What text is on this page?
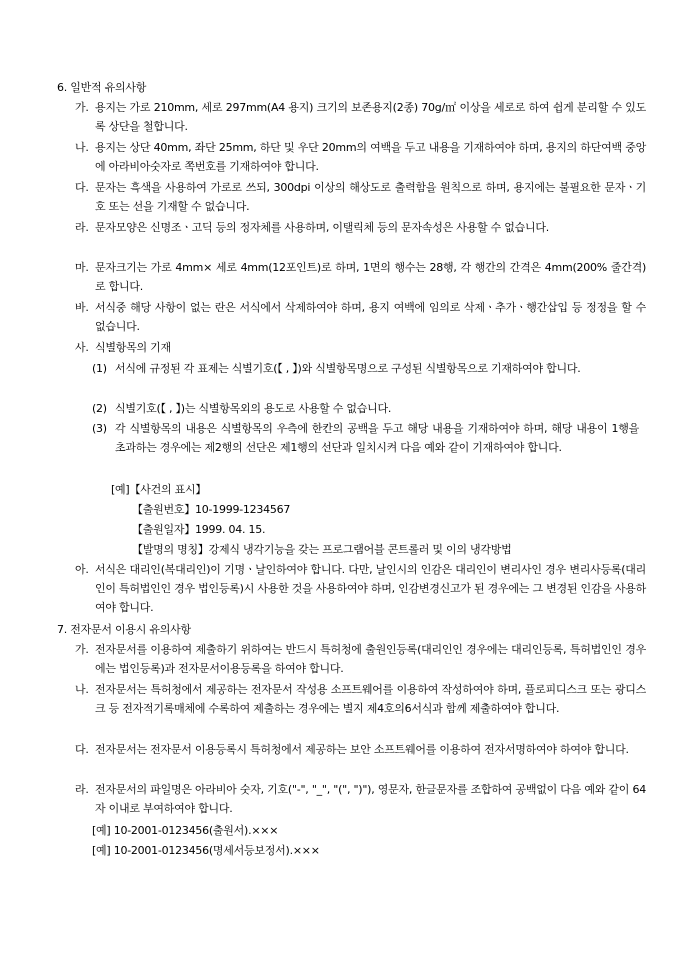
6. 일반적 유의사항

가. 용지는 가로 210mm, 세로 297mm(A4 용지) 크기의 보존용지(2종) 70g/㎡ 이상을 세로로 하여 쉽게 분리할 수 있도록 상단을 철합니다.
나. 용지는 상단 40mm, 좌단 25mm, 하단 및 우단 20mm의 여백을 두고 내용을 기재하여야 하며, 용지의 하단여백 중앙에 아라비아숫자로 쪽번호를 기재하여야 합니다.
다. 문자는 흑색을 사용하여 가로로 쓰되, 300dpi 이상의 해상도로 출력함을 원칙으로 하며, 용지에는 불필요한 문자ㆍ기호 또는 선을 기재할 수 없습니다.
라. 문자모양은 신명조ㆍ고딕 등의 정자체를 사용하며, 이탤릭체 등의 문자속성은 사용할 수 없습니다.
마. 문자크기는 가로 4mm× 세로 4mm(12포인트)로 하며, 1면의 행수는 28행, 각 행간의 간격은 4mm(200% 줄간격)로 합니다.
바. 서식중 해당 사항이 없는 란은 서식에서 삭제하여야 하며, 용지 여백에 임의로 삭제ㆍ추가ㆍ행간삽입 등 정정을 할 수 없습니다.
사. 식별항목의 기재
(1) 서식에 규정된 각 표제는 식별기호(【 , 】)와 식별항목명으로 구성된 식별항목으로 기재하여야 합니다.
(2) 식별기호(【 , 】)는 식별항목외의 용도로 사용할 수 없습니다.
(3) 각 식별항목의 내용은 식별항목의 우측에 한칸의 공백을 두고 해당 내용을 기재하여야 하며, 해당 내용이 1행을 초과하는 경우에는 제2행의 선단은 제1행의 선단과 일치시켜 다음 예와 같이 기재하여야 합니다.

[예]【사건의 표시】

【출원번호】10-1999-1234567

【출원일자】1999. 04. 15.

【발명의 명칭】강제식 냉각기능을 갖는 프로그램어블 콘트롤러 및 이의 냉각방법

아. 서식은 대리인(복대리인)이 기명ㆍ날인하여야 합니다. 다만, 날인시의 인감은 대리인이 변리사인 경우 변리사등록(대리인이 특허법인인 경우 법인등록)시 사용한 것을 사용하여야 하며, 인감변경신고가 된 경우에는 그 변경된 인감을 사용하여야 합니다.

7. 전자문서 이용시 유의사항

가. 전자문서를 이용하여 제출하기 위하여는 반드시 특허청에 출원인등록(대리인인 경우에는 대리인등록, 특허법인인 경우에는 법인등록)과 전자문서이용등록을 하여야 합니다.
나. 전자문서는 특허청에서 제공하는 전자문서 작성용 소프트웨어를 이용하여 작성하여야 하며, 플로피디스크 또는 광디스크 등 전자적기록매체에 수록하여 제출하는 경우에는 별지 제4호의6서식과 함께 제출하여야 합니다.
다. 전자문서는 전자문서 이용등록시 특허청에서 제공하는 보안 소프트웨어를 이용하여 전자서명하여야 하여야 합니다.
라. 전자문서의 파일명은 아라비아 숫자, 기호("-", "_", "(", ")"), 영문자, 한글문자를 조합하여 공백없이 다음 예와 같이 64자 이내로 부여하여야 합니다.

[예] 10-2001-0123456(출원서).×××

[예] 10-2001-0123456(명세서등보정서).×××
